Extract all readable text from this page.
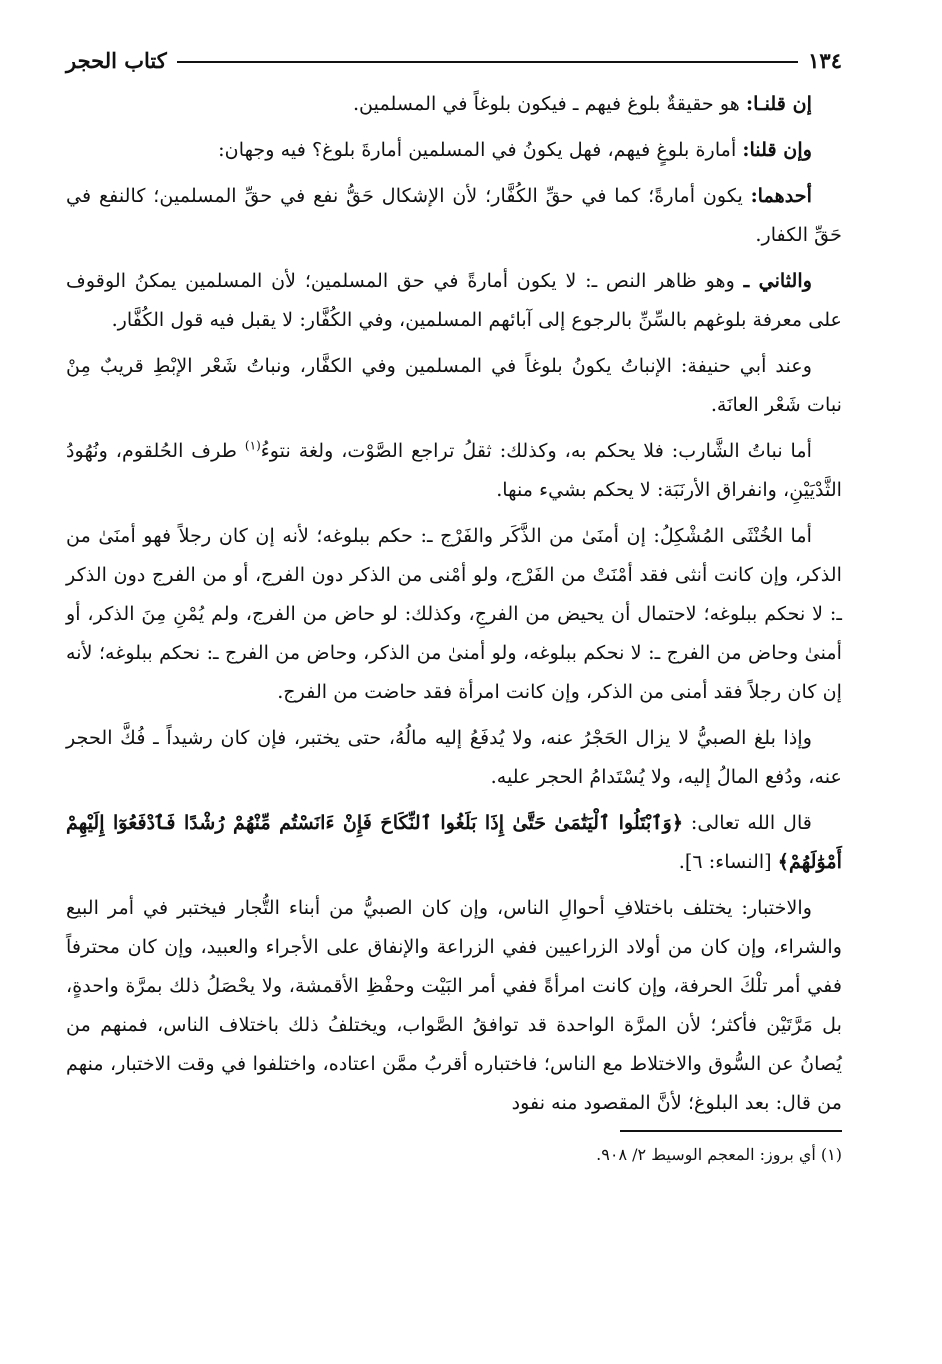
١٣٤
كتاب الحجر

إن قلنـا: هو حقيقةٌ بلوغ فيهم ـ فيكون بلوغاً في المسلمين.

وإن قلنا: أمارة بلوغٍ فيهم، فهل يكونُ في المسلمين أمارةَ بلوغ؟ فيه وجهان:

أحدهما: يكون أمارةً؛ كما في حقِّ الكُفَّار؛ لأن الإشكال حَقُّ نفع في حقِّ المسلمين؛ كالنفع في حَقِّ الكفار.

والثاني ـ وهو ظاهر النص ـ: لا يكون أمارةً في حق المسلمين؛ لأن المسلمين يمكنُ الوقوف على معرفة بلوغهم بالسِّنِّ بالرجوع إلى آبائهم المسلمين، وفي الكُفَّار: لا يقبل فيه قول الكُفَّار.

وعند أبي حنيفة: الإنباتُ يكونُ بلوغاً في المسلمين وفي الكفَّار، ونباتُ شَعْر الإبْطِ قريبٌ مِنْ نبات شَعْر العانَة.

أما نباتُ الشَّارب: فلا يحكم به، وكذلك: ثقلُ تراجع الصَّوْت، ولغة نتوءُ$^{(١)}$ طرف الحُلقوم، ونُهُودُ الثَّدْيَيْنِ، وانفراق الأرنَبَة: لا يحكم بشيء منها.

أما الخُنْثَى المُشْكِلُ: إن أمنَىٰ من الذَّكَر والفَرْج ـ: حكم ببلوغه؛ لأنه إن كان رجلاً فهو أمنَىٰ من الذكر، وإن كانت أنثى فقد أمْنَتْ من الفَرْج، ولو أمْنى من الذكر دون الفرج، أو من الفرج دون الذكر ـ: لا نحكم ببلوغه؛ لاحتمال أن يحيض من الفرجِ، وكذلك: لو حاض من الفرج، ولم يُمْنِ مِنَ الذكر، أو أمنىٰ وحاض من الفرج ـ: لا نحكم ببلوغه، ولو أمنىٰ من الذكر، وحاض من الفرج ـ: نحكم ببلوغه؛ لأنه إن كان رجلاً فقد أمنى من الذكر، وإن كانت امرأة فقد حاضت من الفرج.

وإذا بلغ الصبيُّ لا يزال الحَجْرُ عنه، ولا يُدفَعُ إليه مالُهُ، حتى يختبر، فإن كان رشيداً ـ فُكَّ الحجر عنه، ودُفع المالُ إليه، ولا يُسْتَدامُ الحجر عليه.

قال الله تعالى: ﴿وَٱبْتَلُوا ٱلْيَتَٰمَىٰ حَتَّىٰ إِذَا بَلَغُوا ٱلنِّكَاحَ فَإِنْ ءَانَسْتُم مِّنْهُمْ رُشْدًا فَٱدْفَعُوٓا إِلَيْهِمْ أَمْوَٰلَهُمْ﴾ [النساء: ٦].

والاختبار: يختلف باختلافِ أحوالِ الناس، وإن كان الصبيُّ من أبناء التُّجار فيختبر في أمر البيع والشراء، وإن كان من أولاد الزراعيين ففي الزراعة والإنفاق على الأجراء والعبيد، وإن كان محترفاً ففي أمر تلْكَ الحرفة، وإن كانت امرأةً ففي أمر البَيْت وحفْظِ الأقمشة، ولا يحْصَلُ ذلك بمرَّة واحدةٍ، بل مَرَّتَيْن فأكثر؛ لأن المرَّة الواحدة قد توافقُ الصَّواب، ويختلفُ ذلك باختلاف الناس، فمنهم من يُصانُ عن السُّوق والاختلاط مع الناس؛ فاختباره أقربُ ممَّن اعتاده، واختلفوا في وقت الاختبار، منهم من قال: بعد البلوغ؛ لأنَّ المقصود منه نفود

(١) أي بروز: المعجم الوسيط ٢/ ٩٠٨.
